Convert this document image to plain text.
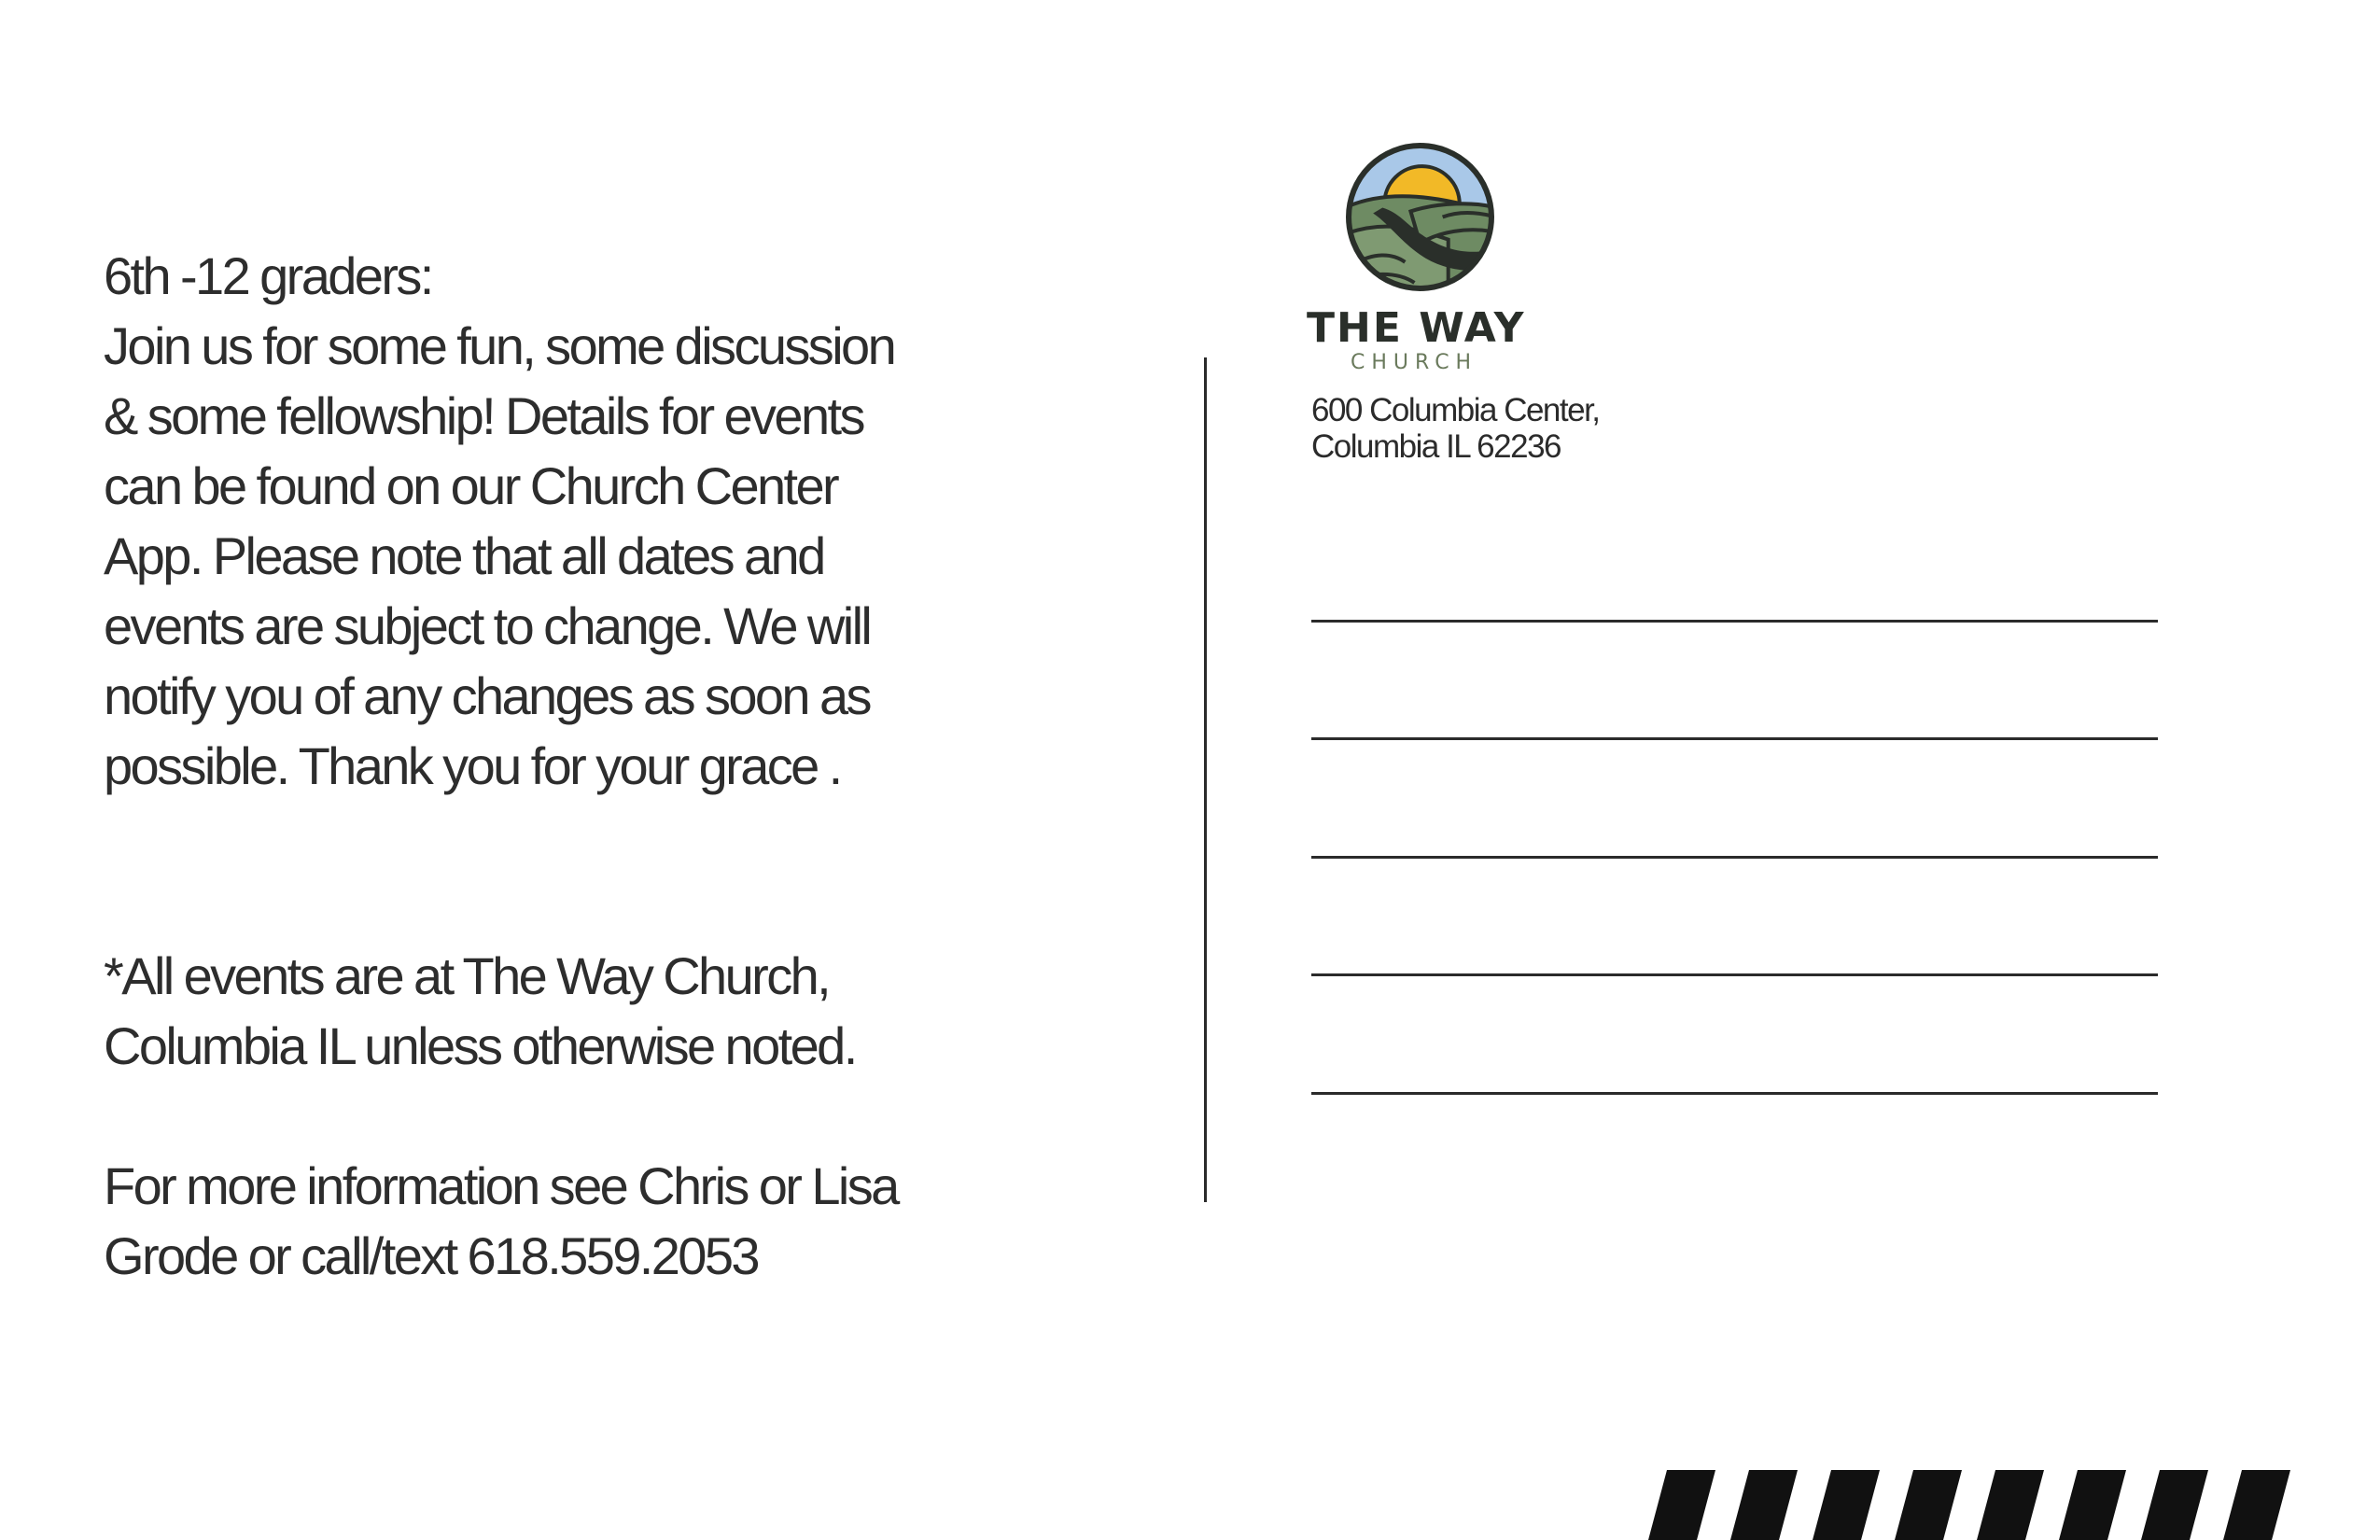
6th -12 graders:
Join us for some fun, some discussion
& some fellowship! Details for events
can be found on our Church Center
App. Please note that all dates and
events are subject to change. We will
notify you of any changes as soon as
possible. Thank you for your grace .

*All events are at The Way Church,
Columbia IL unless otherwise noted.

For more information see Chris or Lisa
Grode or call/text 618.559.2053

THE WAY
CHURCH
600 Columbia Center,
Columbia IL 62236
